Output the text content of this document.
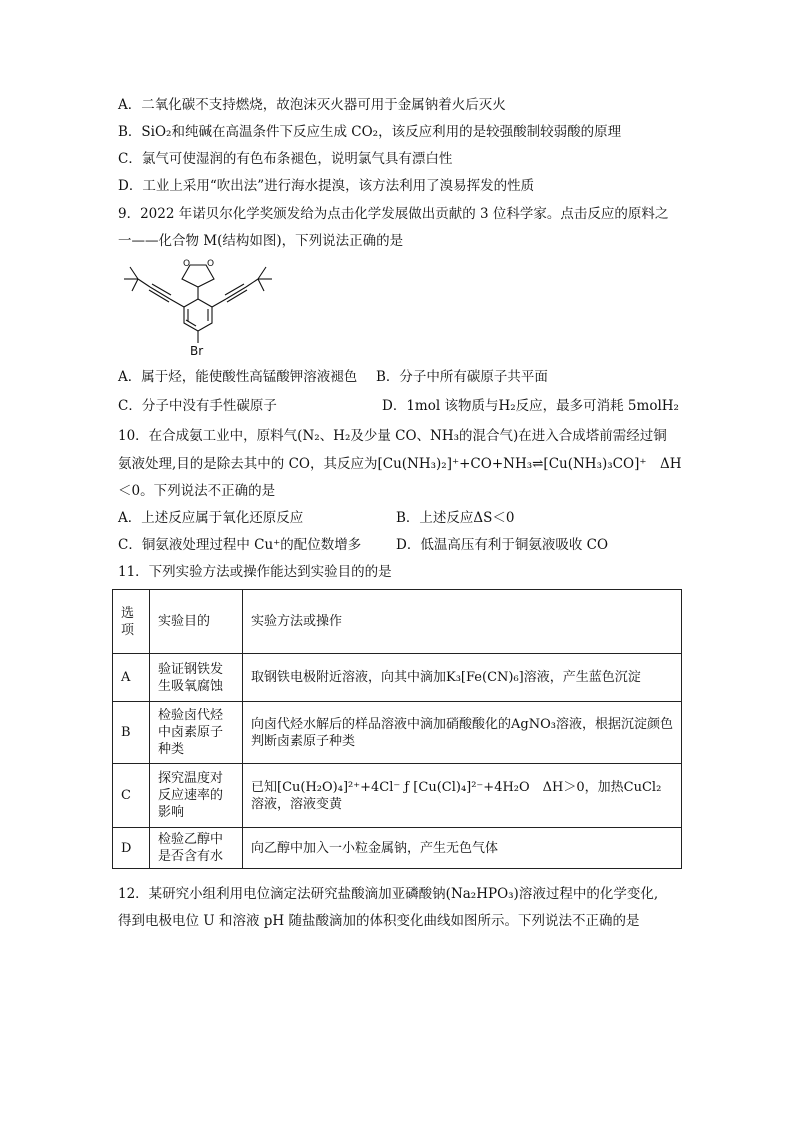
A．二氧化碳不支持燃烧，故泡沫灭火器可用于金属钠着火后灭火
B．SiO₂和纯碱在高温条件下反应生成 CO₂，该反应利用的是较强酸制较弱酸的原理
C．氯气可使湿润的有色布条褪色，说明氯气具有漂白性
D．工业上采用“吹出法”进行海水提溴，该方法利用了溴易挥发的性质
9．2022 年诺贝尔化学奖颁发给为点击化学发展做出贡献的 3 位科学家。点击反应的原料之
一——化合物 M(结构如图)，下列说法正确的是
O O
Br
A．属于烃，能使酸性高锰酸钾溶液褪色 B．分子中所有碳原子共平面
C．分子中没有手性碳原子	D．1mol 该物质与H₂反应，最多可消耗 5molH₂
10．在合成氨工业中，原料气(N₂、H₂及少量 CO、NH₃的混合气)在进入合成塔前需经过铜
氨液处理,目的是除去其中的 CO，其反应为[Cu(NH₃)₂]⁺+CO+NH₃⇌[Cu(NH₃)₃CO]⁺　ΔH
＜0。下列说法不正确的是
A．上述反应属于氧化还原反应	B．上述反应ΔS＜0
C．铜氨液处理过程中 Cu⁺的配位数增多	D．低温高压有利于铜氨液吸收 CO
11．下列实验方法或操作能达到实验目的的是
选项	实验目的	实验方法或操作
A	验证钢铁发生吸氧腐蚀	取钢铁电极附近溶液，向其中滴加K₃[Fe(CN)₆]溶液，产生蓝色沉淀
B	检验卤代烃中卤素原子种类	向卤代烃水解后的样品溶液中滴加硝酸酸化的AgNO₃溶液，根据沉淀颜色判断卤素原子种类
C	探究温度对反应速率的影响	已知[Cu(H₂O)₄]²⁺+4Cl⁻ ƒ [Cu(Cl)₄]²⁻+4H₂O　ΔH＞0，加热CuCl₂溶液，溶液变黄
D	检验乙醇中是否含有水	向乙醇中加入一小粒金属钠，产生无色气体
12．某研究小组利用电位滴定法研究盐酸滴加亚磷酸钠(Na₂HPO₃)溶液过程中的化学变化,
得到电极电位 U 和溶液 pH 随盐酸滴加的体积变化曲线如图所示。下列说法不正确的是
